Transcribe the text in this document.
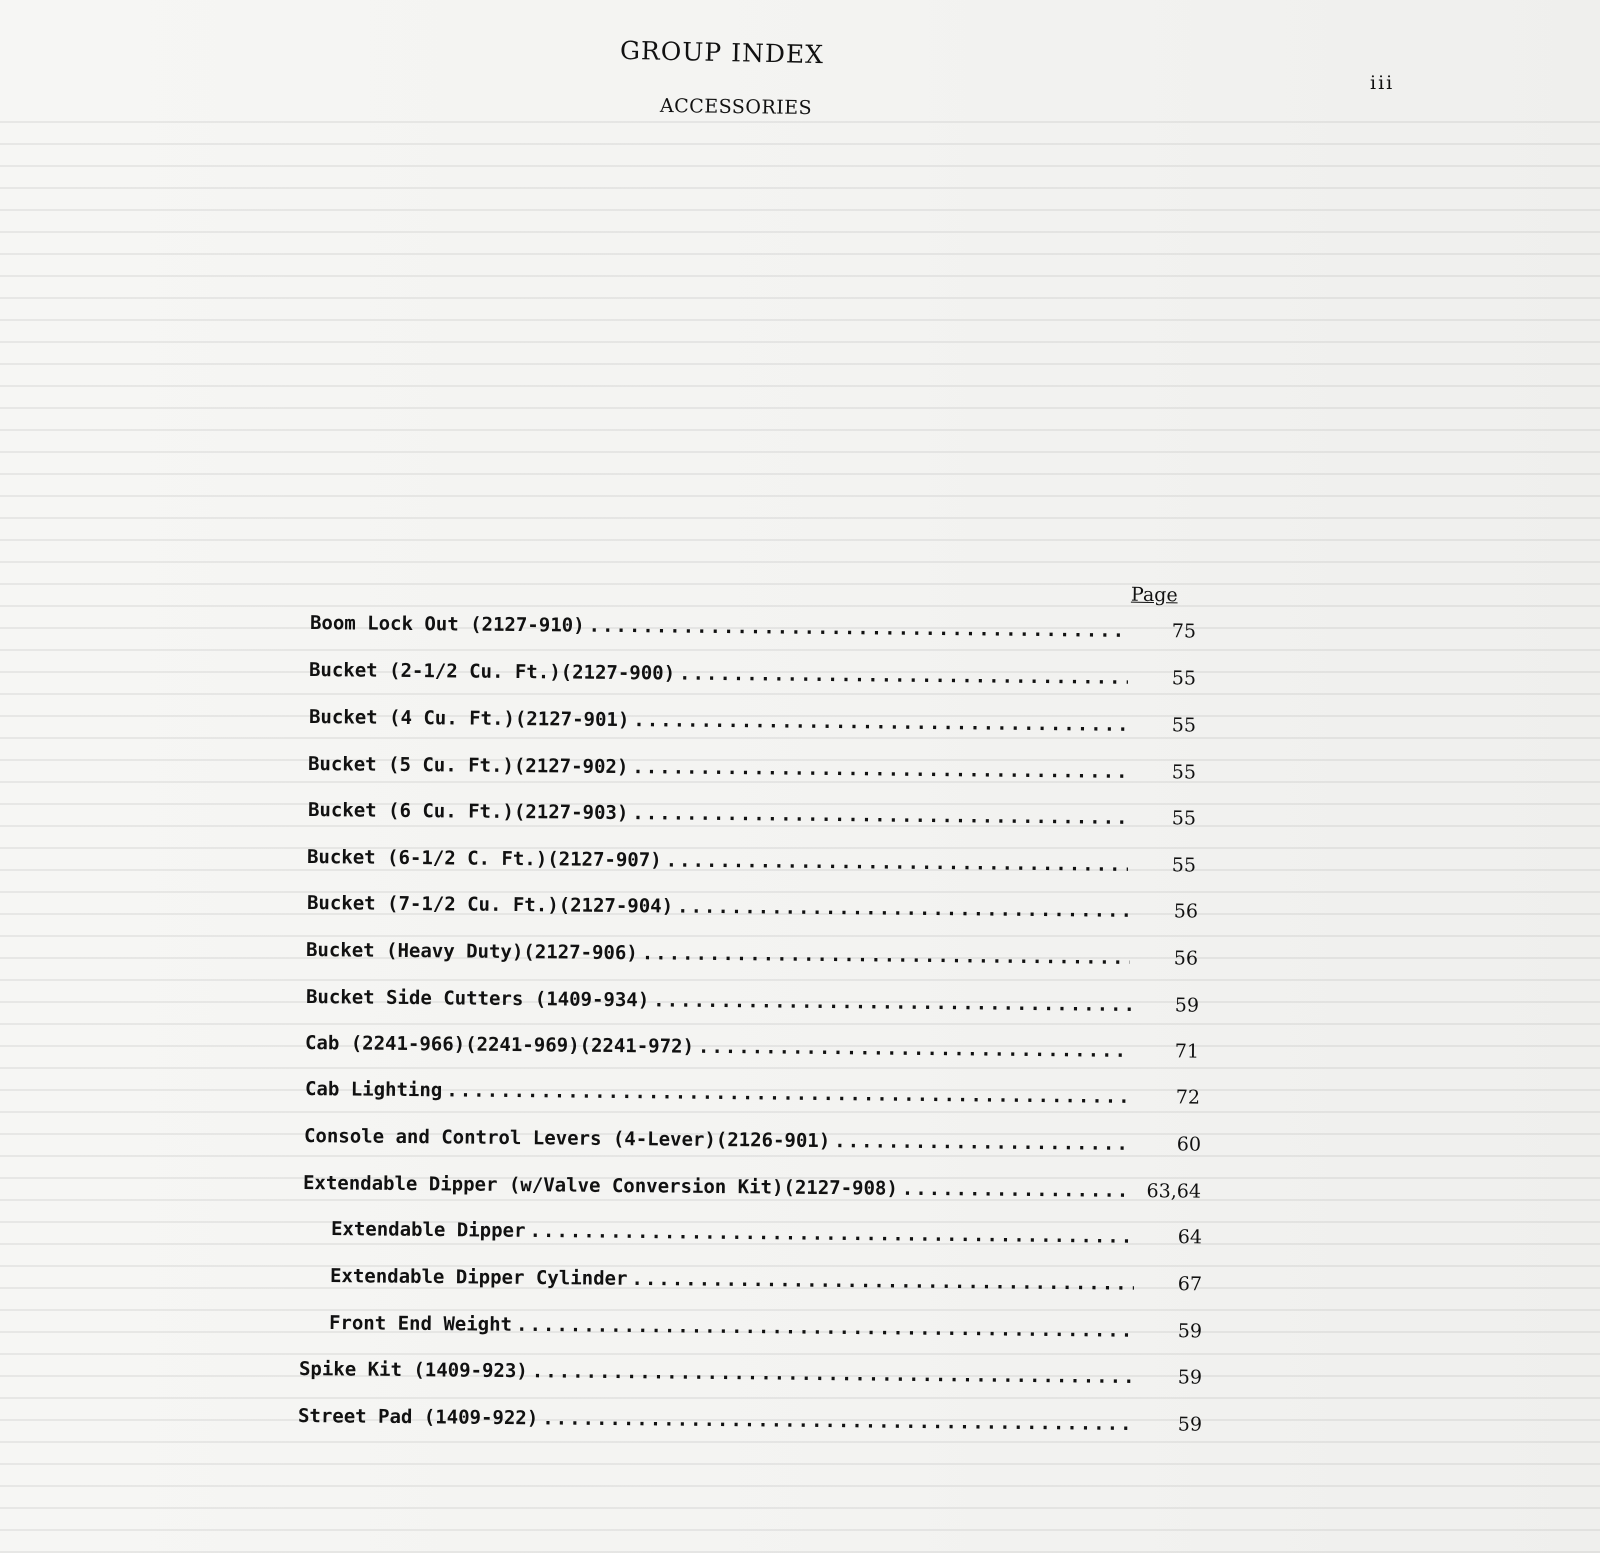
GROUP INDEX
ACCESSORIES
iii
Page
Boom Lock Out (2127-910) .....	75
Bucket (2-1/2 Cu. Ft.)(2127-900) .....	55
Bucket (4 Cu. Ft.)(2127-901) .....	55
Bucket (5 Cu. Ft.)(2127-902) .....	55
Bucket (6 Cu. Ft.)(2127-903) .....	55
Bucket (6-1/2 C. Ft.)(2127-907) .....	55
Bucket (7-1/2 Cu. Ft.)(2127-904) .....	56
Bucket (Heavy Duty)(2127-906) .....	56
Bucket Side Cutters (1409-934) .....	59
Cab (2241-966)(2241-969)(2241-972) .....	71
Cab Lighting .....	72
Console and Control Levers (4-Lever)(2126-901) .....	60
Extendable Dipper (w/Valve Conversion Kit)(2127-908) .....	63,64
Extendable Dipper .....	64
Extendable Dipper Cylinder .....	67
Front End Weight .....	59
Spike Kit (1409-923) .....	59
Street Pad (1409-922) .....	59
